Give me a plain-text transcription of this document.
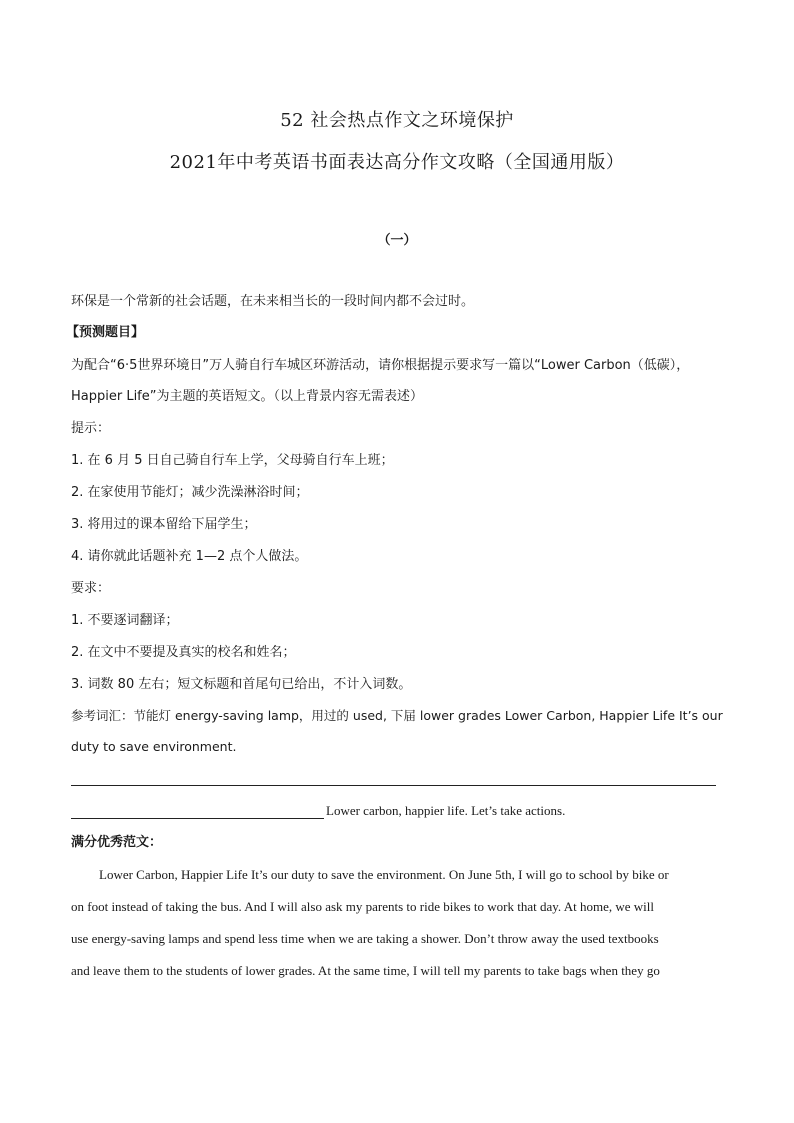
52 社会热点作文之环境保护
2021年中考英语书面表达高分作文攻略（全国通用版）
（一）
环保是一个常新的社会话题，在未来相当长的一段时间内都不会过时。
【预测题目】
为配合“6·5世界环境日”万人骑自行车城区环游活动，请你根据提示要求写一篇以“Lower Carbon（低碳），
Happier Life”为主题的英语短文。（以上背景内容无需表述）
提示：
1. 在 6 月 5 日自己骑自行车上学，父母骑自行车上班；
2. 在家使用节能灯；减少洗澡淋浴时间；
3. 将用过的课本留给下届学生；
4. 请你就此话题补充 1—2 点个人做法。
要求：
1. 不要逐词翻译；
2. 在文中不要提及真实的校名和姓名；
3. 词数 80 左右；短文标题和首尾句已给出，不计入词数。
参考词汇：节能灯 energy-saving lamp，用过的 used, 下届 lower grades Lower Carbon, Happier Life It’s our
duty to save environment.
Lower carbon, happier life. Let’s take actions.
满分优秀范文：
Lower Carbon, Happier Life It’s our duty to save the environment. On June 5th, I will go to school by bike or
on foot instead of taking the bus. And I will also ask my parents to ride bikes to work that day. At home, we will
use energy-saving lamps and spend less time when we are taking a shower. Don’t throw away the used textbooks
and leave them to the students of lower grades. At the same time, I will tell my parents to take bags when they go
